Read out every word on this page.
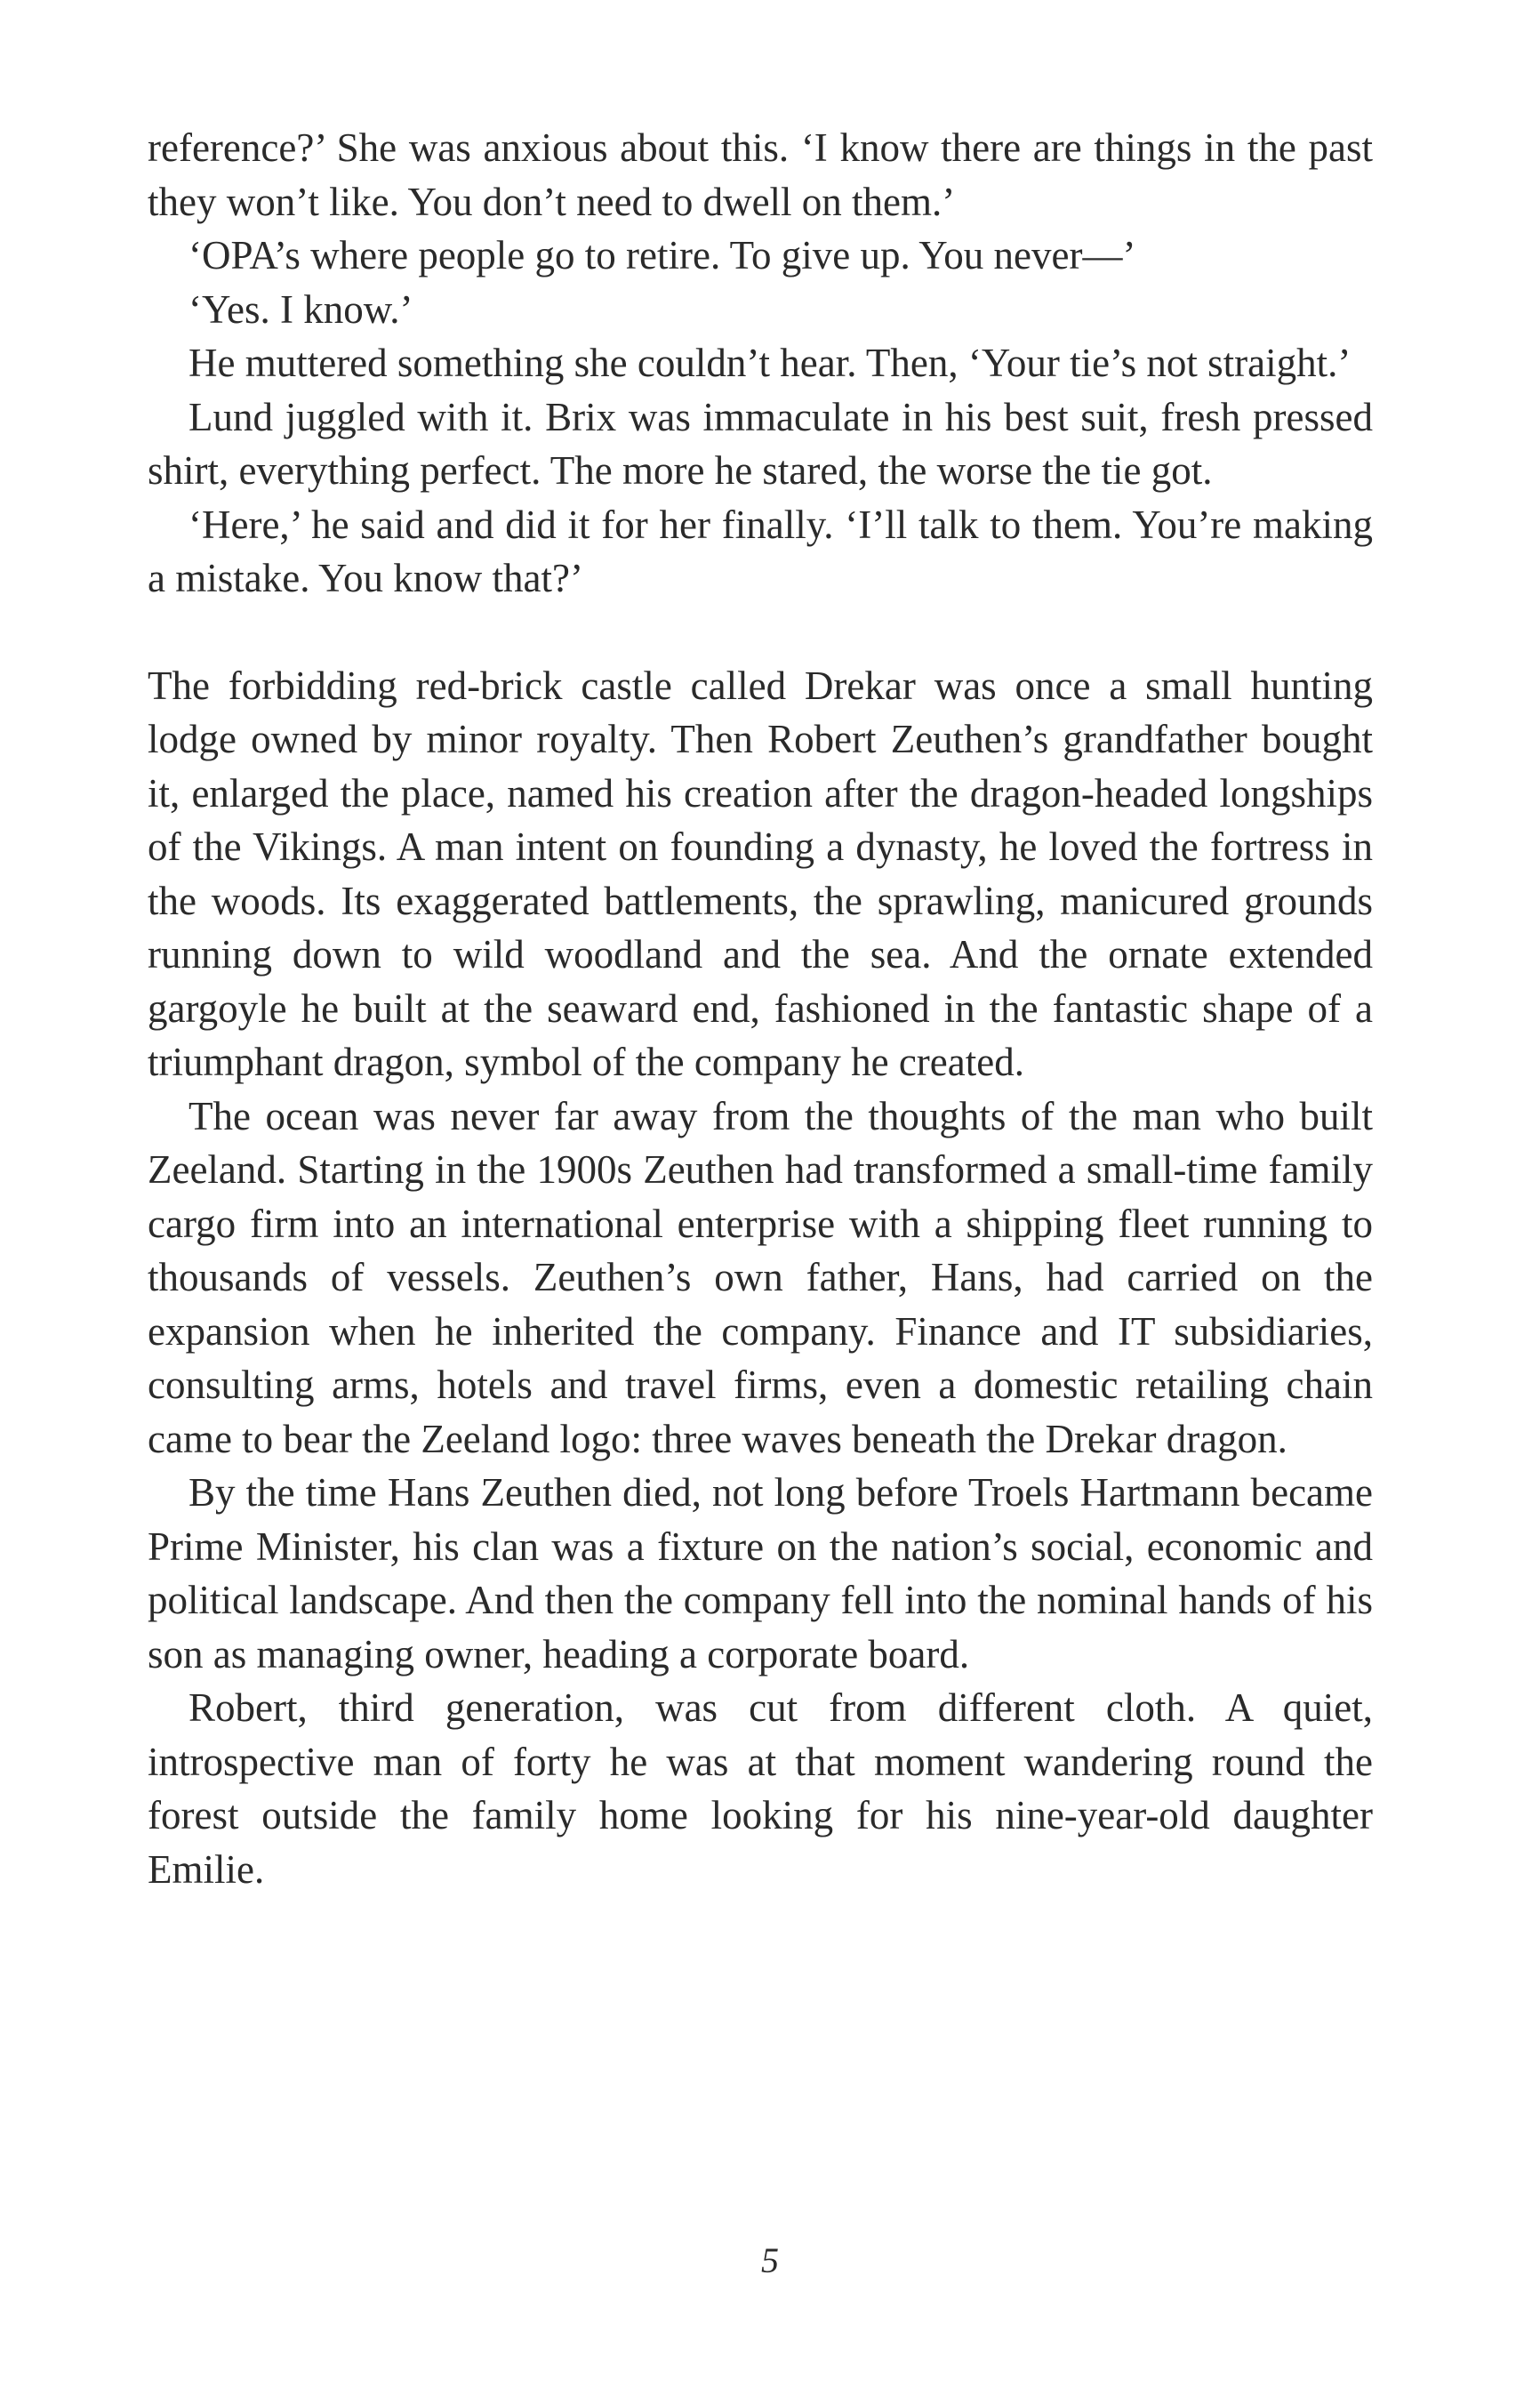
reference?’ She was anxious about this. ‘I know there are things in the past they won’t like. You don’t need to dwell on them.’

‘OPA’s where people go to retire. To give up. You never—’

‘Yes. I know.’

He muttered something she couldn’t hear. Then, ‘Your tie’s not straight.’

Lund juggled with it. Brix was immaculate in his best suit, fresh pressed shirt, everything perfect. The more he stared, the worse the tie got.

‘Here,’ he said and did it for her finally. ‘I’ll talk to them. You’re making a mistake. You know that?’

The forbidding red-brick castle called Drekar was once a small hunting lodge owned by minor royalty. Then Robert Zeuthen’s grandfather bought it, enlarged the place, named his creation after the dragon-headed longships of the Vikings. A man intent on founding a dynasty, he loved the fortress in the woods. Its exaggerated battlements, the sprawling, manicured grounds running down to wild woodland and the sea. And the ornate extended gargoyle he built at the seaward end, fashioned in the fantastic shape of a triumphant dragon, symbol of the company he created.

The ocean was never far away from the thoughts of the man who built Zeeland. Starting in the 1900s Zeuthen had transformed a small-time family cargo firm into an international enterprise with a shipping fleet running to thousands of vessels. Zeuthen’s own father, Hans, had carried on the expansion when he inherited the company. Finance and IT subsidiaries, consulting arms, hotels and travel firms, even a domestic retailing chain came to bear the Zeeland logo: three waves beneath the Drekar dragon.

By the time Hans Zeuthen died, not long before Troels Hartmann became Prime Minister, his clan was a fixture on the nation’s social, economic and political landscape. And then the company fell into the nominal hands of his son as managing owner, heading a corporate board.

Robert, third generation, was cut from different cloth. A quiet, introspective man of forty he was at that moment wandering round the forest outside the family home looking for his nine-year-old daughter Emilie.

5
